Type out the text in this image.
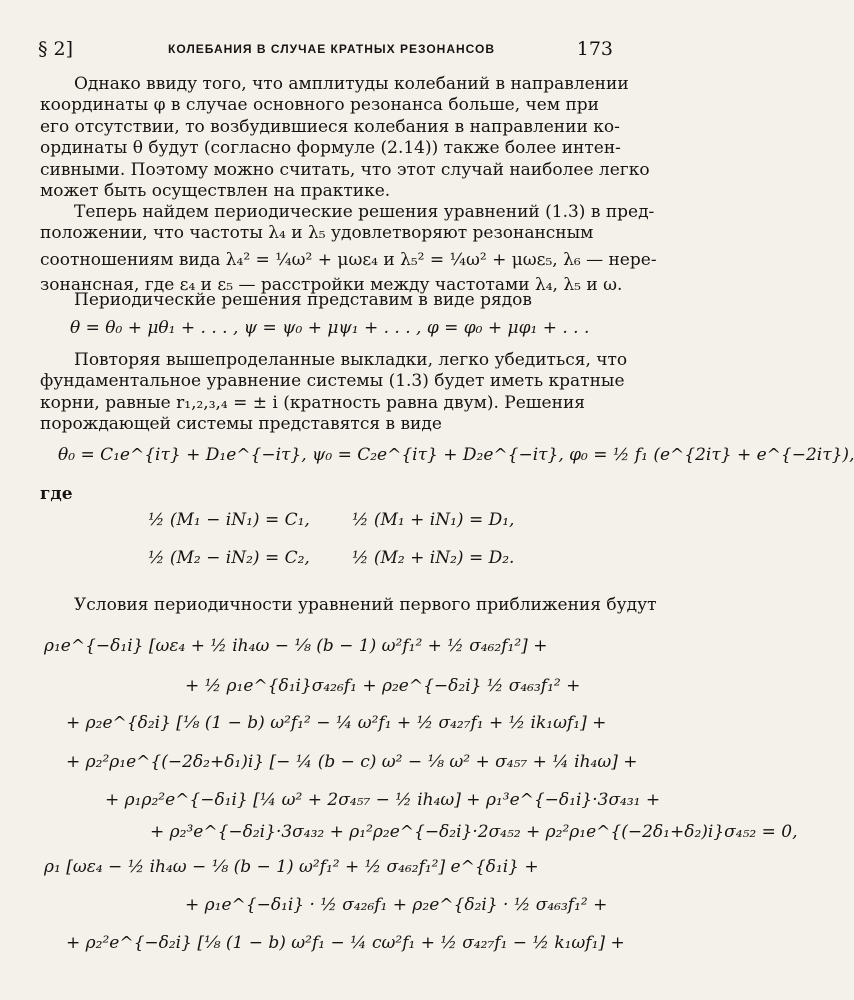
§ 2]	КОЛЕБАНИЯ В СЛУЧАЕ КРАТНЫХ РЕЗОНАНСОВ	173
Однако ввиду того, что амплитуды колебаний в направлении
координаты φ в случае основного резонанса больше, чем при
его отсутствии, то возбудившиеся колебания в направлении ко-
ординаты θ будут (согласно формуле (2.14)) также более интен-
сивными. Поэтому можно считать, что этот случай наиболее легко
может быть осуществлен на практике.
Теперь найдем периодические решения уравнений (1.3) в пред-
положении, что частоты λ₄ и λ₅ удовлетворяют резонансным
соотношениям вида λ₄² = ¼ω² + μωε₄ и λ₅² = ¼ω² + μωε₅, λ₆ — нере-
зонансная, где ε₄ и ε₅ — расстройки между частотами λ₄, λ₅ и ω.
Периодическйе решения представим в виде рядов
θ = θ₀ + μθ₁ + . . . , ψ = ψ₀ + μψ₁ + . . . , φ = φ₀ + μφ₁ + . . .
Повторяя вышепроделанные выкладки, легко убедиться, что
фундаментальное уравнение системы (1.3) будет иметь кратные
корни, равные r₁,₂,₃,₄ = ± i (кратность равна двум). Решения
порождающей системы представятся в виде
θ₀ = C₁e^{iτ} + D₁e^{−iτ}, ψ₀ = C₂e^{iτ} + D₂e^{−iτ}, φ₀ = ½ f₁ (e^{2iτ} + e^{−2iτ}),
где
½ (M₁ − iN₁) = C₁,	½ (M₁ + iN₁) = D₁,
½ (M₂ − iN₂) = C₂,	½ (M₂ + iN₂) = D₂.
Условия периодичности уравнений первого приближения будут
ρ₁e^{−δ₁i} [ωε₄ + ½ ih₄ω − ⅛ (b − 1) ω²f₁² + ½ σ₄₆₂f₁²] +
+ ½ ρ₁e^{δ₁i}σ₄₂₆f₁ + ρ₂e^{−δ₂i} ½ σ₄₆₃f₁² +
+ ρ₂e^{δ₂i} [⅛ (1 − b) ω²f₁² − ¼ ω²f₁ + ½ σ₄₂₇f₁ + ½ ik₁ωf₁] +
+ ρ₂²ρ₁e^{(−2δ₂+δ₁)i} [− ¼ (b − c) ω² − ⅛ ω² + σ₄₅₇ + ¼ ih₄ω] +
+ ρ₁ρ₂²e^{−δ₁i} [¼ ω² + 2σ₄₅₇ − ½ ih₄ω] + ρ₁³e^{−δ₁i}·3σ₄₃₁ +
+ ρ₂³e^{−δ₂i}·3σ₄₃₂ + ρ₁²ρ₂e^{−δ₂i}·2σ₄₅₂ + ρ₂²ρ₁e^{(−2δ₁+δ₂)i}σ₄₅₂ = 0,
ρ₁ [ωε₄ − ½ ih₄ω − ⅛ (b − 1) ω²f₁² + ½ σ₄₆₂f₁²] e^{δ₁i} +
+ ρ₁e^{−δ₁i} · ½ σ₄₂₆f₁ + ρ₂e^{δ₂i} · ½ σ₄₆₃f₁² +
+ ρ₂²e^{−δ₂i} [⅛ (1 − b) ω²f₁ − ¼ cω²f₁ + ½ σ₄₂₇f₁ − ½ k₁ωf₁] +
